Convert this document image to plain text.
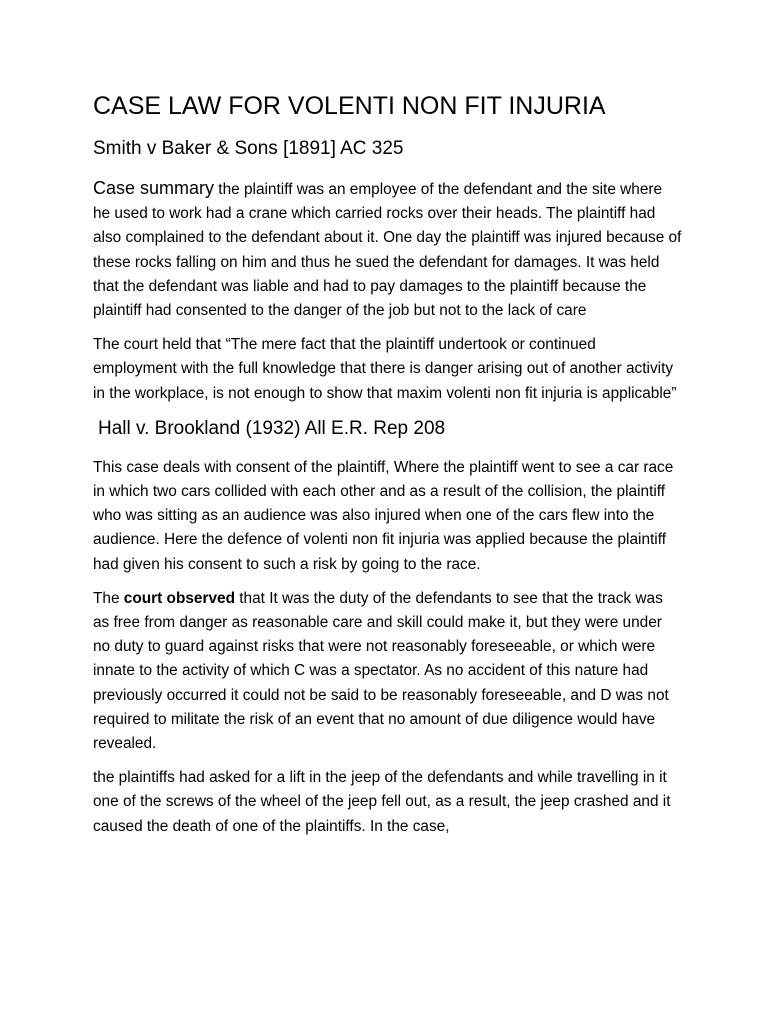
CASE LAW FOR VOLENTI NON FIT INJURIA
Smith v Baker & Sons [1891] AC 325

Case summary the plaintiff was an employee of the defendant and the site where he used to work had a crane which carried rocks over their heads. The plaintiff had also complained to the defendant about it. One day the plaintiff was injured because of these rocks falling on him and thus he sued the defendant for damages. It was held that the defendant was liable and had to pay damages to the plaintiff because the plaintiff had consented to the danger of the job but not to the lack of care

The court held that “The mere fact that the plaintiff undertook or continued employment with the full knowledge that there is danger arising out of another activity in the workplace, is not enough to show that maxim volenti non fit injuria is applicable”

Hall v. Brookland (1932) All E.R. Rep 208

This case deals with consent of the plaintiff, Where the plaintiff went to see a car race in which two cars collided with each other and as a result of the collision, the plaintiff who was sitting as an audience was also injured when one of the cars flew into the audience. Here the defence of volenti non fit injuria was applied because the plaintiff had given his consent to such a risk by going to the race.

The court observed that It was the duty of the defendants to see that the track was as free from danger as reasonable care and skill could make it, but they were under no duty to guard against risks that were not reasonably foreseeable, or which were innate to the activity of which C was a spectator. As no accident of this nature had previously occurred it could not be said to be reasonably foreseeable, and D was not required to militate the risk of an event that no amount of due diligence would have revealed.

the plaintiffs had asked for a lift in the jeep of the defendants and while travelling in it one of the screws of the wheel of the jeep fell out, as a result, the jeep crashed and it caused the death of one of the plaintiffs. In the case,
